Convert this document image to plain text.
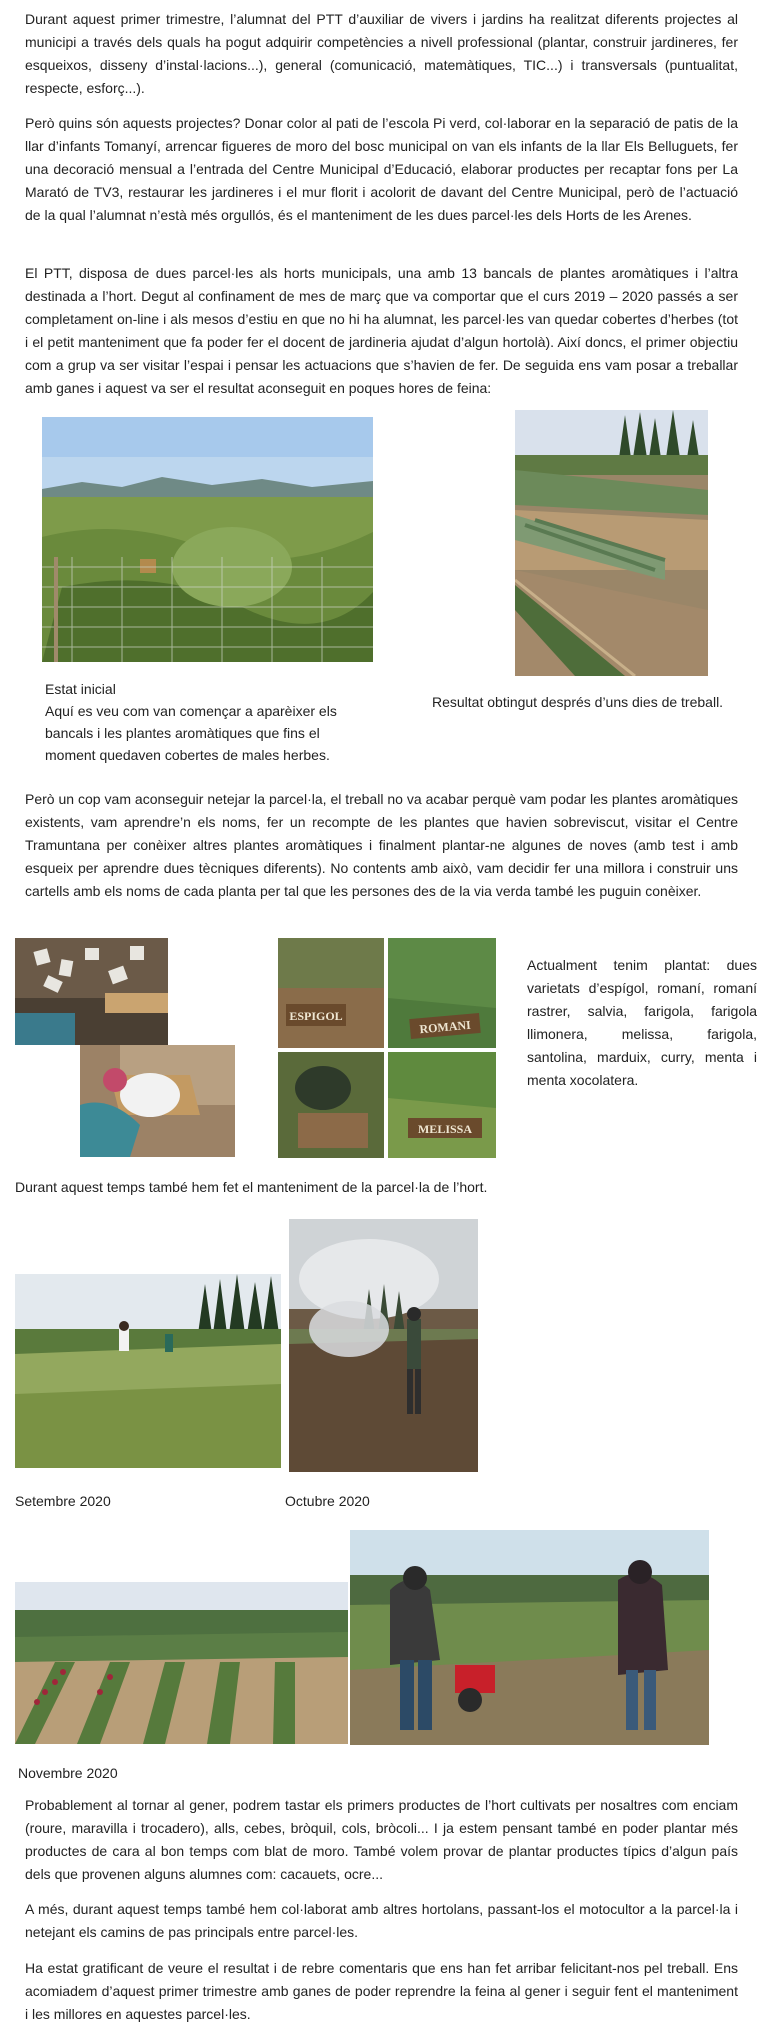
Durant aquest primer trimestre, l’alumnat del PTT d’auxiliar de vivers i jardins ha realitzat diferents projectes al municipi a través dels quals ha pogut adquirir competències a nivell professional (plantar, construir jardineres, fer esqueixos, disseny d’instal·lacions...), general (comunicació, matemàtiques, TIC...) i transversals (puntualitat, respecte, esforç...).

Però quins són aquests projectes? Donar color al pati de l’escola Pi verd, col·laborar en la separació de patis de la llar d’infants Tomanyí, arrencar figueres de moro del bosc municipal on van els infants de la llar Els Belluguets, fer una decoració mensual a l’entrada del Centre Municipal d’Educació, elaborar productes per recaptar fons per La Marató de TV3, restaurar les jardineres i el mur florit i acolorit de davant del Centre Municipal, però de l’actuació de la qual l’alumnat n’està més orgullós, és el manteniment de les dues parcel·les dels Horts de les Arenes.

El PTT, disposa de dues parcel·les als horts municipals, una amb 13 bancals de plantes aromàtiques i l’altra destinada a l’hort. Degut al confinament de mes de març que va comportar que el curs 2019 – 2020 passés a ser completament on-line i als mesos d’estiu en que no hi ha alumnat, les parcel·les van quedar cobertes d’herbes (tot i el petit manteniment que fa poder fer el docent de jardineria ajudat d’algun hortolà). Així doncs, el primer objectiu com a grup va ser visitar l’espai i pensar les actuacions que s’havien de fer. De seguida ens vam posar a treballar amb ganes i aquest va ser el resultat aconseguit en poques hores de feina:

Estat inicial

Aquí es veu com van començar a aparèixer els bancals i les plantes aromàtiques que fins el moment quedaven cobertes de males herbes.

Resultat obtingut després d’uns dies de treball.

Però un cop vam aconseguir netejar la parcel·la, el treball no va acabar perquè vam podar les plantes aromàtiques existents, vam aprendre’n els noms, fer un recompte de les plantes que havien sobreviscut, visitar el Centre Tramuntana per conèixer altres plantes aromàtiques i finalment plantar-ne algunes de noves (amb test i amb esqueix per aprendre dues tècniques diferents). No contents amb això, vam decidir fer una millora i construir uns cartells amb els noms de cada planta per tal que les persones des de la via verda també les puguin conèixer.

ESPIGOL
ROMANI
MELISSA

Actualment tenim plantat: dues varietats d’espígol, romaní, romaní rastrer, salvia, farigola, farigola llimonera, melissa, farigola, santolina, marduix, curry, menta i menta xocolatera.

Durant aquest temps també hem fet el manteniment de la parcel·la de l’hort.

Setembre 2020	Octubre 2020

Novembre 2020

Probablement al tornar al gener, podrem tastar els primers productes de l’hort cultivats per nosaltres com enciam (roure, maravilla i trocadero), alls, cebes, bròquil, cols, bròcoli... I ja estem pensant també en poder plantar més productes de cara al bon temps com blat de moro. També volem provar de plantar productes típics d’algun país dels que provenen alguns alumnes com: cacauets, ocre...

A més, durant aquest temps també hem col·laborat amb altres hortolans, passant-los el motocultor a la parcel·la i netejant els camins de pas principals entre parcel·les.

Ha estat gratificant de veure el resultat i de rebre comentaris que ens han fet arribar felicitant-nos pel treball. Ens acomiadem d’aquest primer trimestre amb ganes de poder reprendre la feina al gener i seguir fent el manteniment i les millores en aquestes parcel·les.
